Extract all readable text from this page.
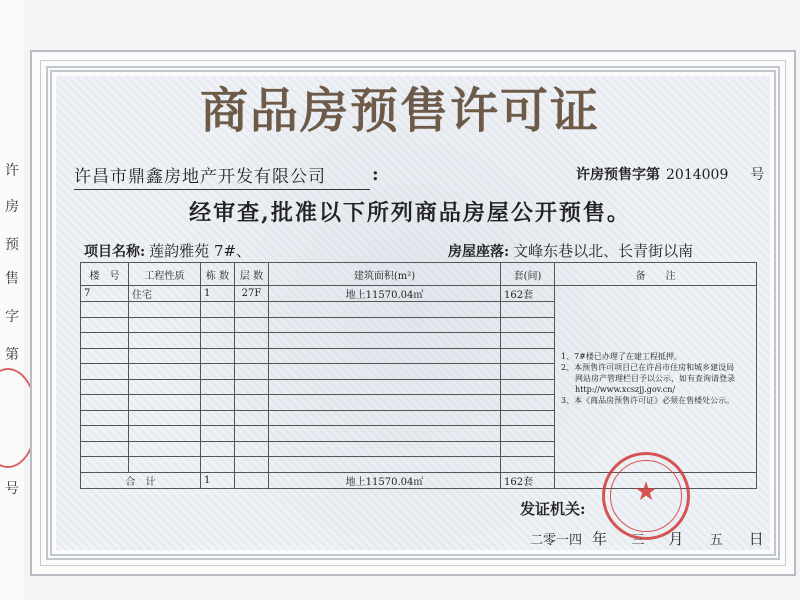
许
房
预
售
字
第
号
商品房预售许可证
许昌市鼎鑫房地产开发有限公司	:	许房预售字第 2014009 号
经审查,批准以下所列商品房屋公开预售。
项目名称: 莲韵雅苑 7#、	房屋座落: 文峰东巷以北、长青街以南
楼　号	工程性质	栋 数	层 数	建筑面积(m²)	套(间)	备　　注
7	住宅	1	27F	地上11570.04㎡	162套	1、7#楼已办理了在建工程抵押。

2、本预售许可项目已在许昌市住房和城乡建设局

网站房产管理栏目予以公示，如有查询请登录

http://www.xcszjj.gov.cn/

3、本《商品房预售许可证》必须在售楼处公示。

合　计		1		地上11570.04㎡	162套		★
发证机关:
二零一四 年 三 月 五 日
